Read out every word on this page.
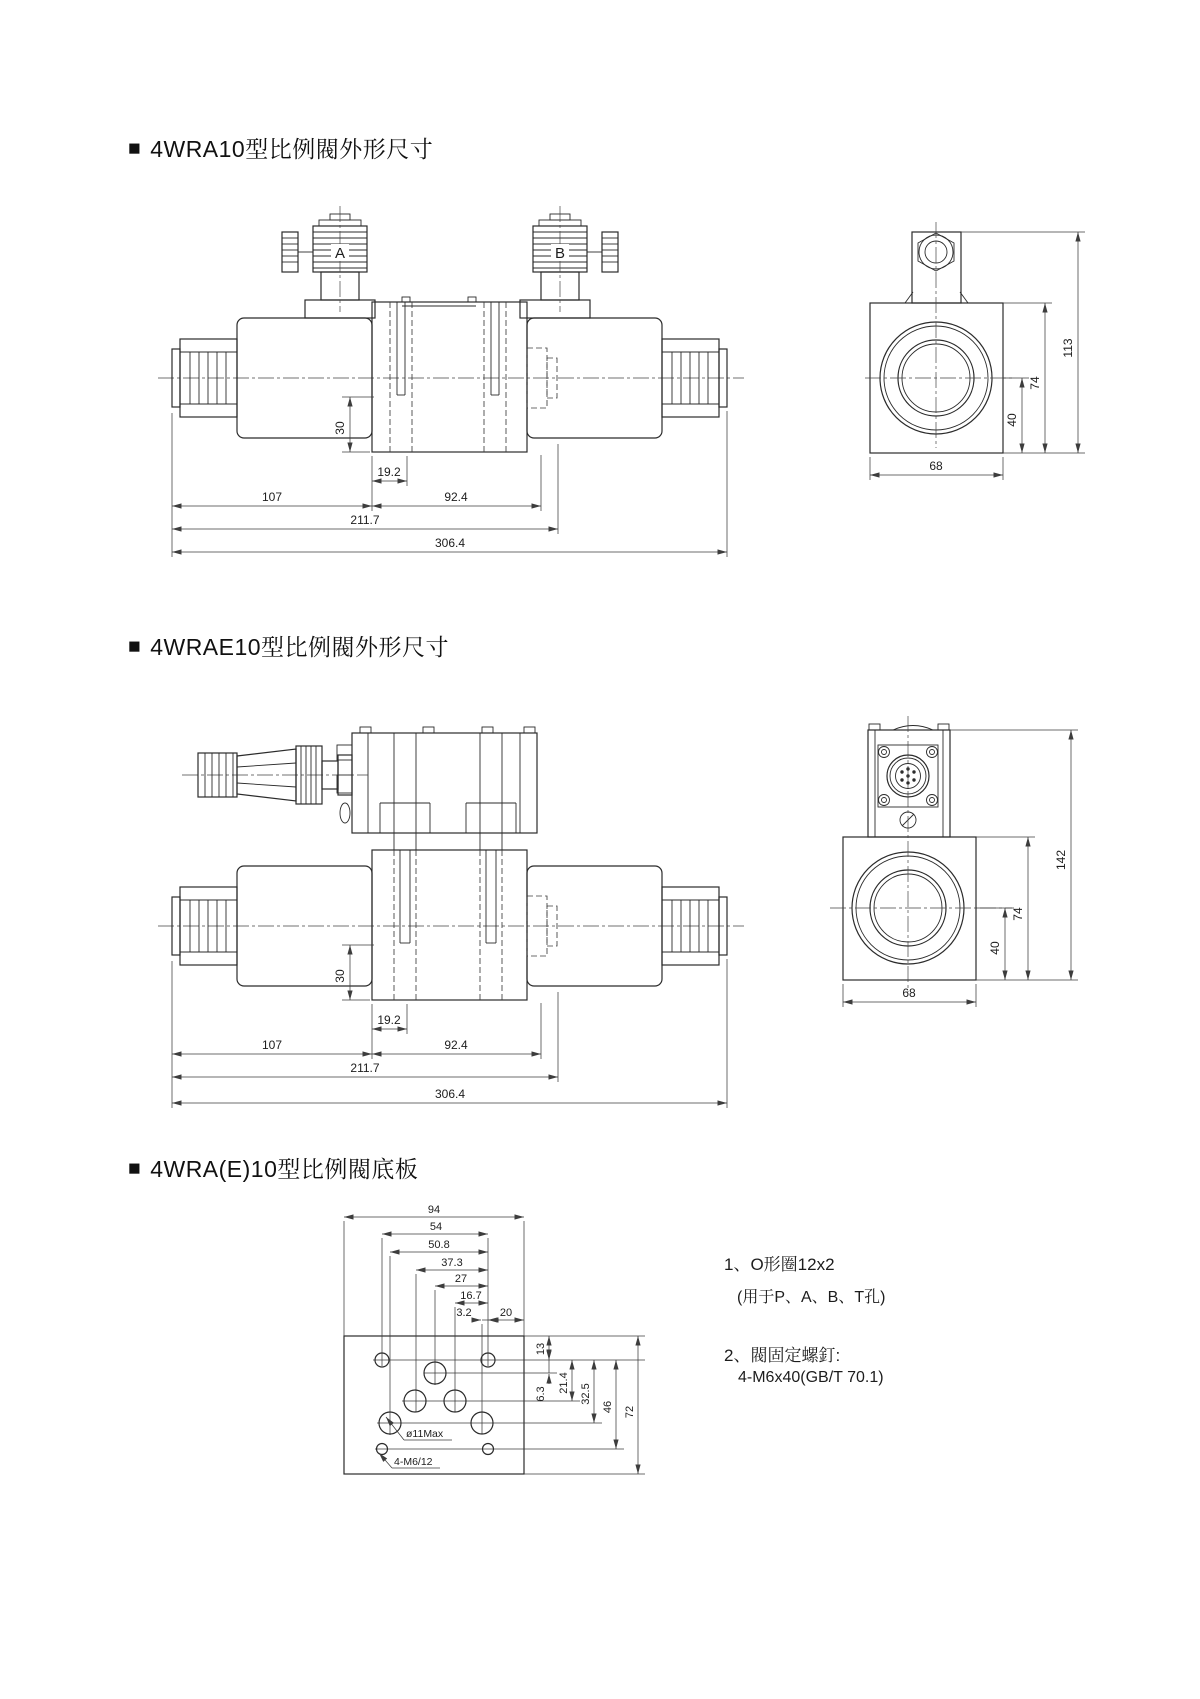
■ 4WRA10型比例閥外形尺寸
■ 4WRAE10型比例閥外形尺寸
■ 4WRA(E)10型比例閥底板
1、O形圈12x2
(用于P、A、B、T孔)
2、閥固定螺釘:
4-M6x40(GB/T 70.1)
A	B
30
19.2
107	92.4
211.7
306.4
40
74
113
68
30
19.2
107	92.4
211.7
306.4
40
74
142
68
94
54
50.8
37.3
27
16.7
3.2	20
13
6.3
21.4
32.5
46 72
ø11Max
4-M6/12
